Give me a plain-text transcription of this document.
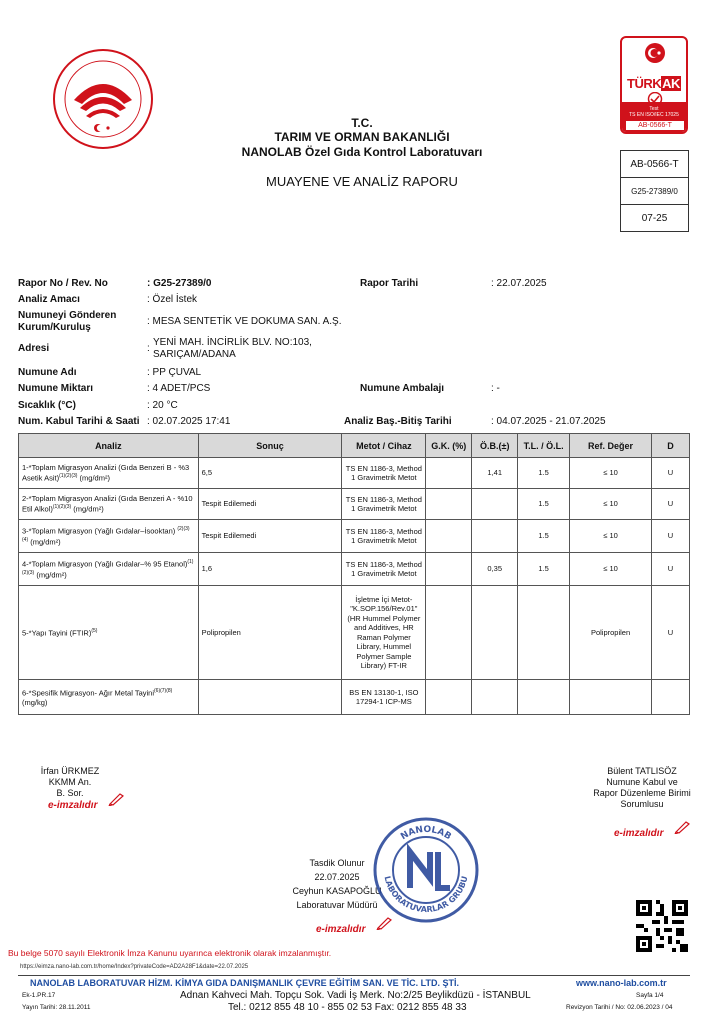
T.C.
TARIM VE ORMAN BAKANLIĞI
NANOLAB Özel Gıda Kontrol Laboratuvarı
MUAYENE VE ANALİZ RAPORU
TÜRKAK
Test
TS EN ISO/IEC 17025
AB-0566-T
AB-0566-T
G25-27389/0
07-25
Rapor No / Rev. No	: G25-27389/0	Rapor Tarihi	: 22.07.2025
Analiz Amacı	: Özel İstek
Numuneyi Gönderen Kurum/Kuruluş
: MESA SENTETİK VE DOKUMA SAN. A.Ş.
Adresi	:
YENİ MAH. İNCİRLİK BLV. NO:103,
SARIÇAM/ADANA
Numune Adı	: PP ÇUVAL
Numune Miktarı	: 4 ADET/PCS	Numune Ambalajı	: -
Sıcaklık (°C)	: 20 °C
Num. Kabul Tarihi & Saati : 02.07.2025 17:41	Analiz Baş.-Bitiş Tarihi	: 04.07.2025 - 21.07.2025
Analiz	Sonuç	Metot / Cihaz	G.K. (%)	Ö.B.(±)	T.L. / Ö.L.	Ref. Değer	D
1-*Toplam Migrasyon Analizi (Gıda Benzeri B - %3 Asetik Asit)$^{(1)(2)(3)}$ (mg/dm²)	6,5	TS EN 1186-3, Method 1 Gravimetrik Metot		1,41	1.5	≤ 10	U
2-*Toplam Migrasyon Analizi (Gıda Benzeri A - %10 Etil Alkol)$^{(1)(2)(3)}$ (mg/dm²)	Tespit Edilemedi	TS EN 1186-3, Method 1 Gravimetrik Metot			1.5	≤ 10	U
3-*Toplam Migrasyon (Yağlı Gıdalar–İsooktan) $^{(2)(3)(4)}$ (mg/dm²)	Tespit Edilemedi	TS EN 1186-3, Method 1 Gravimetrik Metot			1.5	≤ 10	U
4-*Toplam Migrasyon (Yağlı Gıdalar–% 95 Etanol)$^{(1)(2)(3)}$ (mg/dm²)	1,6	TS EN 1186-3, Method 1 Gravimetrik Metot		0,35	1.5	≤ 10	U
5-*Yapı Tayini (FTIR)$^{(5)}$	Polipropilen	İşletme İçi Metot- "K.SOP.156/Rev.01" (HR Hummel Polymer and Additives, HR Raman Polymer Library, Hummel Polymer Sample Library) FT-IR				Polipropilen	U
6-*Spesifik Migrasyon- Ağır Metal Tayini$^{(6)(7)(8)}$ (mg/kg)		BS EN 13130-1, ISO 17294-1 ICP-MS					
İrfan ÜRKMEZ
KKMM An.
B. Sor.
e-imzalıdır
Bülent TATLISÖZ
Numune Kabul ve
Rapor Düzenleme Birimi
Sorumlusu
e-imzalıdır
Tasdik Olunur
22.07.2025
Ceyhun KASAPOĞLU
Laboratuvar Müdürü
e-imzalıdır
NANOLAB
LABORATUVARLAR GRUBU
Bu belge 5070 sayılı Elektronik İmza Kanunu uyarınca elektronik olarak imzalanmıştır.
https://eimza.nano-lab.com.tr/home/Index?privateCode=AD2A28F1&date=22.07.2025
NANOLAB LABORATUVAR HİZM. KİMYA GIDA DANIŞMANLIK ÇEVRE EĞİTİM SAN. VE TİC. LTD. ŞTİ.	www.nano-lab.com.tr
Ek-1.PR.17	Adnan Kahveci Mah. Topçu Sok. Vadi İş Merk. No:2/25 Beylikdüzü - İSTANBUL	Sayfa 1/4
Yayın Tarihi: 28.11.2011	Tel.: 0212 855 48 10 - 855 02 53 Fax: 0212 855 48 33	Revizyon Tarihi / No: 02.06.2023 / 04
